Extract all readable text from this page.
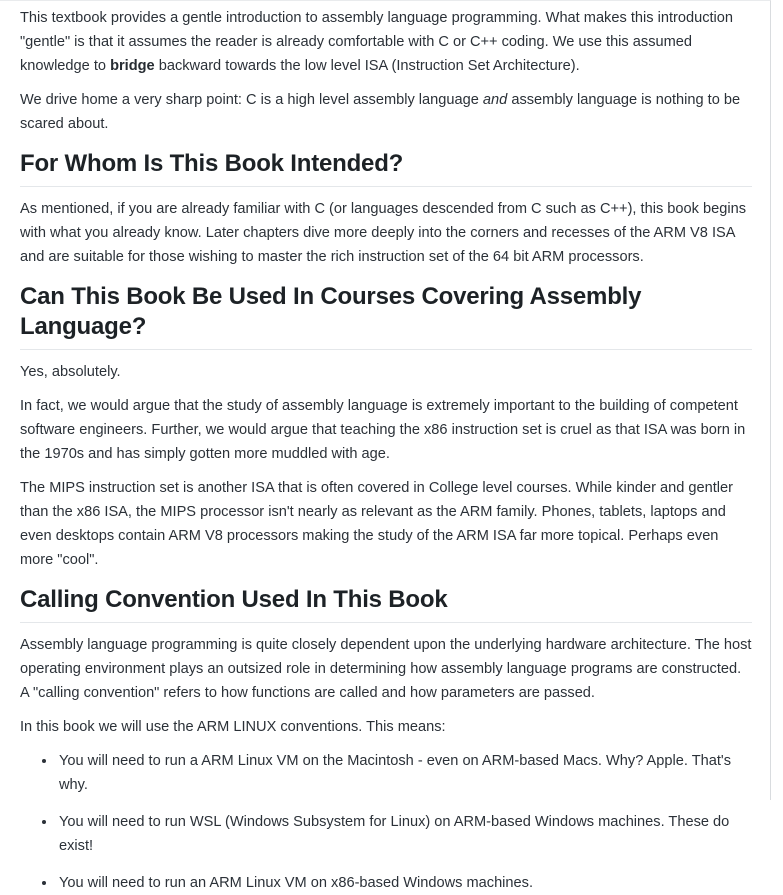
This textbook provides a gentle introduction to assembly language programming. What makes this introduction "gentle" is that it assumes the reader is already comfortable with C or C++ coding. We use this assumed knowledge to bridge backward towards the low level ISA (Instruction Set Architecture).

We drive home a very sharp point: C is a high level assembly language and assembly language is nothing to be scared about.

For Whom Is This Book Intended?

As mentioned, if you are already familiar with C (or languages descended from C such as C++), this book begins with what you already know. Later chapters dive more deeply into the corners and recesses of the ARM V8 ISA and are suitable for those wishing to master the rich instruction set of the 64 bit ARM processors.

Can This Book Be Used In Courses Covering Assembly Language?

Yes, absolutely.

In fact, we would argue that the study of assembly language is extremely important to the building of competent software engineers. Further, we would argue that teaching the x86 instruction set is cruel as that ISA was born in the 1970s and has simply gotten more muddled with age.

The MIPS instruction set is another ISA that is often covered in College level courses. While kinder and gentler than the x86 ISA, the MIPS processor isn't nearly as relevant as the ARM family. Phones, tablets, laptops and even desktops contain ARM V8 processors making the study of the ARM ISA far more topical. Perhaps even more "cool".

Calling Convention Used In This Book

Assembly language programming is quite closely dependent upon the underlying hardware architecture. The host operating environment plays an outsized role in determining how assembly language programs are constructed. A "calling convention" refers to how functions are called and how parameters are passed.

In this book we will use the ARM LINUX conventions. This means:

• You will need to run a ARM Linux VM on the Macintosh - even on ARM-based Macs. Why? Apple. That's why.
• You will need to run WSL (Windows Subsystem for Linux) on ARM-based Windows machines. These do exist!
• You will need to run an ARM Linux VM on x86-based Windows machines.
